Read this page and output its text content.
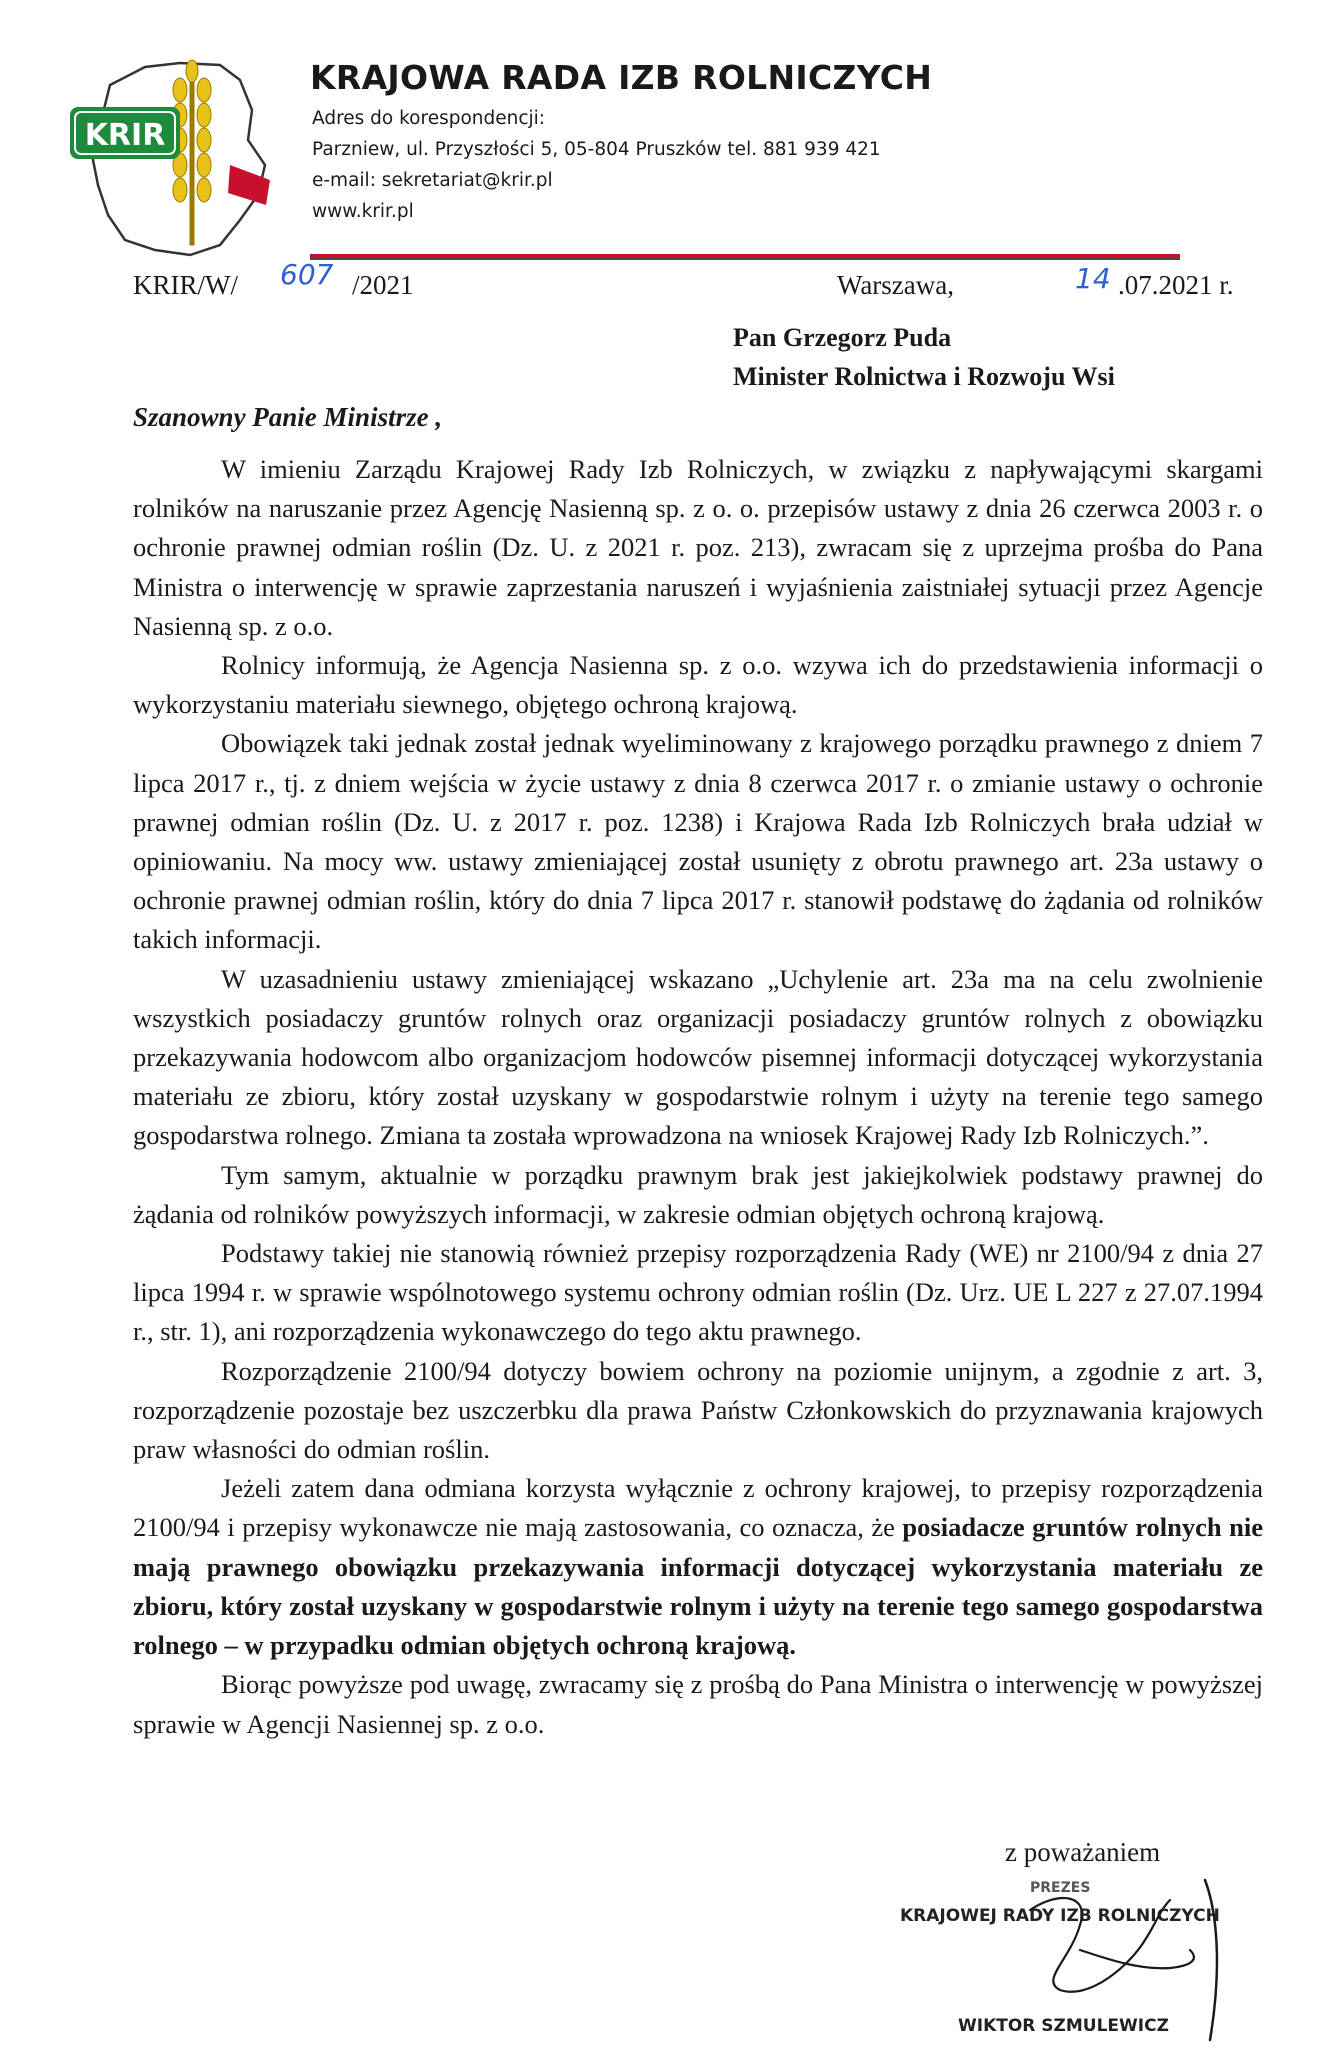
KRIR
KRAJOWA RADA IZB ROLNICZYCH
Adres do korespondencji:
Parzniew, ul. Przyszłości 5, 05-804 Pruszków tel. 881 939 421
e-mail: sekretariat@krir.pl
www.krir.pl
KRIR/W/ 607 /2021	Warszawa,	14 .07.2021 r.
Pan Grzegorz Puda
Minister Rolnictwa i Rozwoju Wsi
Szanowny Panie Ministrze ,

W imieniu Zarządu Krajowej Rady Izb Rolniczych, w związku z napływającymi skargami rolników na naruszanie przez Agencję Nasienną sp. z o. o. przepisów ustawy z dnia 26 czerwca 2003 r. o ochronie prawnej odmian roślin (Dz. U. z 2021 r. poz. 213), zwracam się z uprzejma prośba do Pana Ministra o interwencję w sprawie zaprzestania naruszeń i wyjaśnienia zaistniałej sytuacji przez Agencje Nasienną sp. z o.o.

Rolnicy informują, że Agencja Nasienna sp. z o.o. wzywa ich do przedstawienia informacji o wykorzystaniu materiału siewnego, objętego ochroną krajową.

Obowiązek taki jednak został jednak wyeliminowany z krajowego porządku prawnego z dniem 7 lipca 2017 r., tj. z dniem wejścia w życie ustawy z dnia 8 czerwca 2017 r. o zmianie ustawy o ochronie prawnej odmian roślin (Dz. U. z 2017 r. poz. 1238) i Krajowa Rada Izb Rolniczych brała udział w opiniowaniu. Na mocy ww. ustawy zmieniającej został usunięty z obrotu prawnego art. 23a ustawy o ochronie prawnej odmian roślin, który do dnia 7 lipca 2017 r. stanowił podstawę do żądania od rolników takich informacji.

W uzasadnieniu ustawy zmieniającej wskazano „Uchylenie art. 23a ma na celu zwolnienie wszystkich posiadaczy gruntów rolnych oraz organizacji posiadaczy gruntów rolnych z obowiązku przekazywania hodowcom albo organizacjom hodowców pisemnej informacji dotyczącej wykorzystania materiału ze zbioru, który został uzyskany w gospodarstwie rolnym i użyty na terenie tego samego gospodarstwa rolnego. Zmiana ta została wprowadzona na wniosek Krajowej Rady Izb Rolniczych.”.

Tym samym, aktualnie w porządku prawnym brak jest jakiejkolwiek podstawy prawnej do żądania od rolników powyższych informacji, w zakresie odmian objętych ochroną krajową.

Podstawy takiej nie stanowią również przepisy rozporządzenia Rady (WE) nr 2100/94 z dnia 27 lipca 1994 r. w sprawie wspólnotowego systemu ochrony odmian roślin (Dz. Urz. UE L 227 z 27.07.1994 r., str. 1), ani rozporządzenia wykonawczego do tego aktu prawnego.

Rozporządzenie 2100/94 dotyczy bowiem ochrony na poziomie unijnym, a zgodnie z art. 3, rozporządzenie pozostaje bez uszczerbku dla prawa Państw Członkowskich do przyznawania krajowych praw własności do odmian roślin.

Jeżeli zatem dana odmiana korzysta wyłącznie z ochrony krajowej, to przepisy rozporządzenia 2100/94 i przepisy wykonawcze nie mają zastosowania, co oznacza, że posiadacze gruntów rolnych nie mają prawnego obowiązku przekazywania informacji dotyczącej wykorzystania materiału ze zbioru, który został uzyskany w gospodarstwie rolnym i użyty na terenie tego samego gospodarstwa rolnego – w przypadku odmian objętych ochroną krajową.

Biorąc powyższe pod uwagę, zwracamy się z prośbą do Pana Ministra o interwencję w powyższej sprawie w Agencji Nasiennej sp. z o.o.

z poważaniem
PREZES
KRAJOWEJ RADY IZB ROLNICZYCH
WIKTOR SZMULEWICZ
